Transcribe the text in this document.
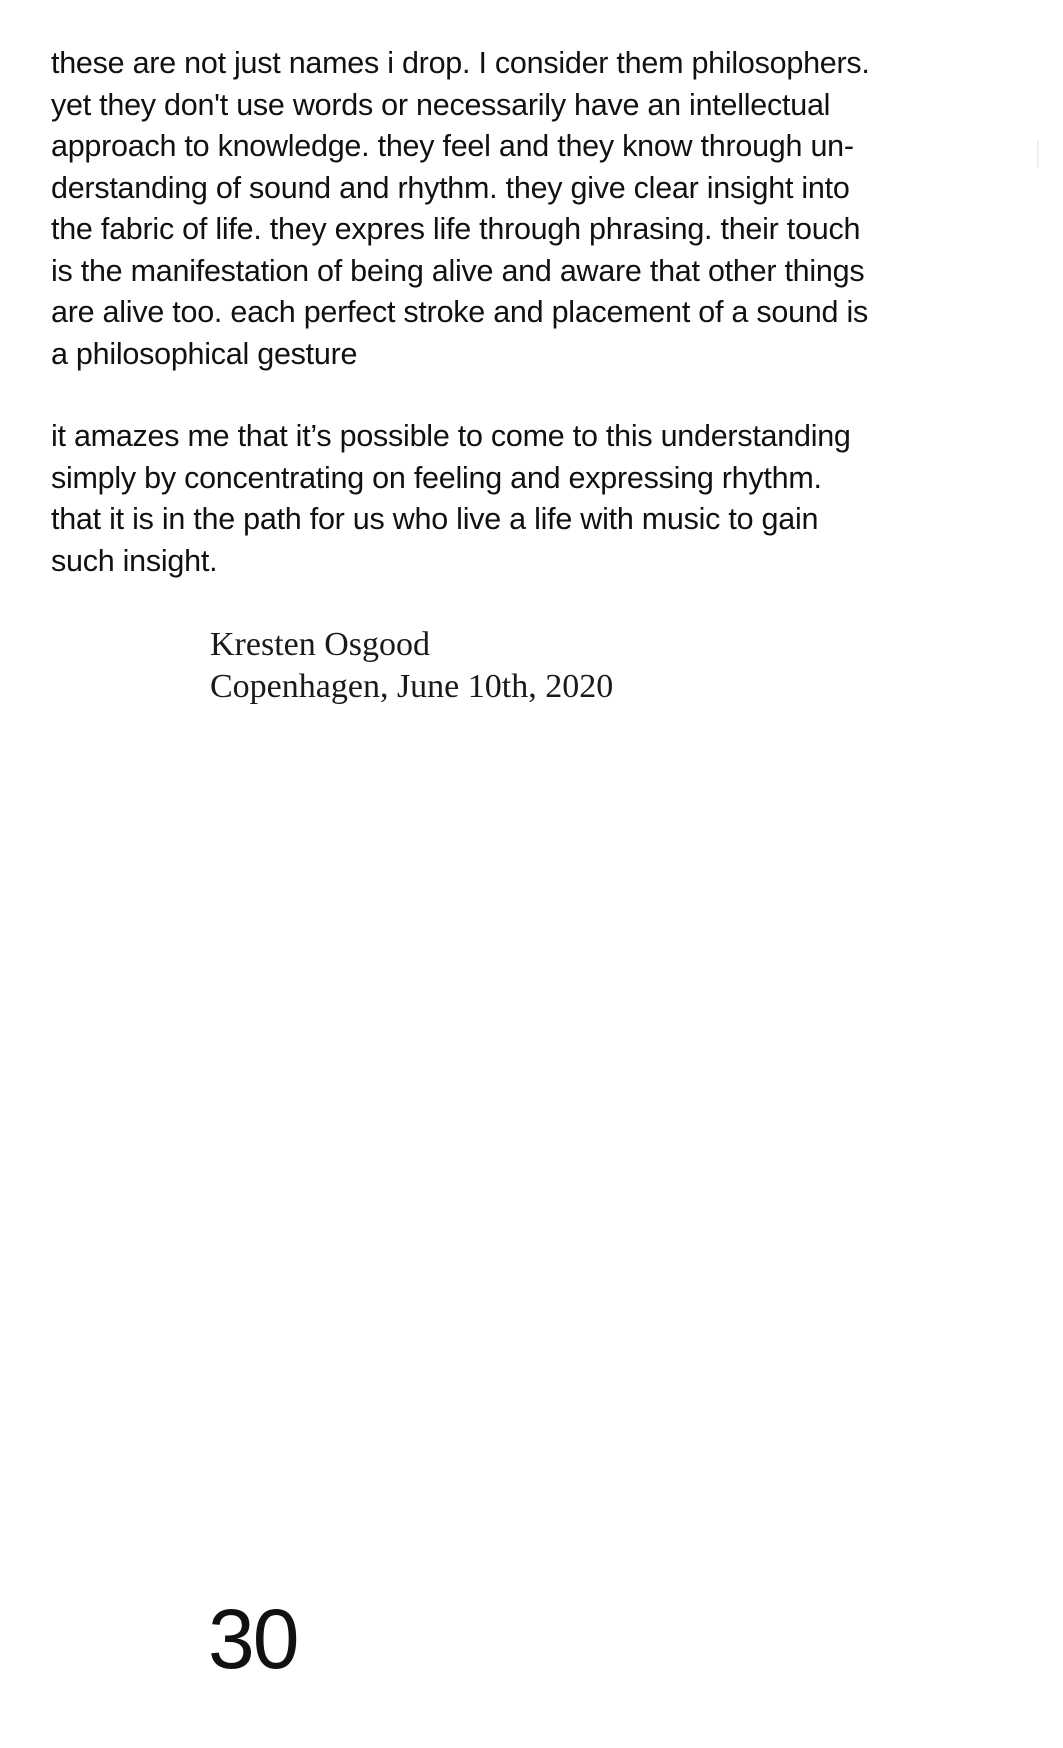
these are not just names i drop. I consider them philosophers.
yet they don't use words or necessarily have an intellectual
approach to knowledge. they feel and they know through un-
derstanding of sound and rhythm. they give clear insight into
the fabric of life. they expres life through phrasing. their touch
is the manifestation of being alive and aware that other things
are alive too. each perfect stroke and placement of a sound is
a philosophical gesture

it amazes me that it’s possible to come to this understanding
simply by concentrating on feeling and expressing rhythm.
that it is in the path for us who live a life with music to gain
such insight.

Kresten Osgood
Copenhagen, June 10th, 2020
30
